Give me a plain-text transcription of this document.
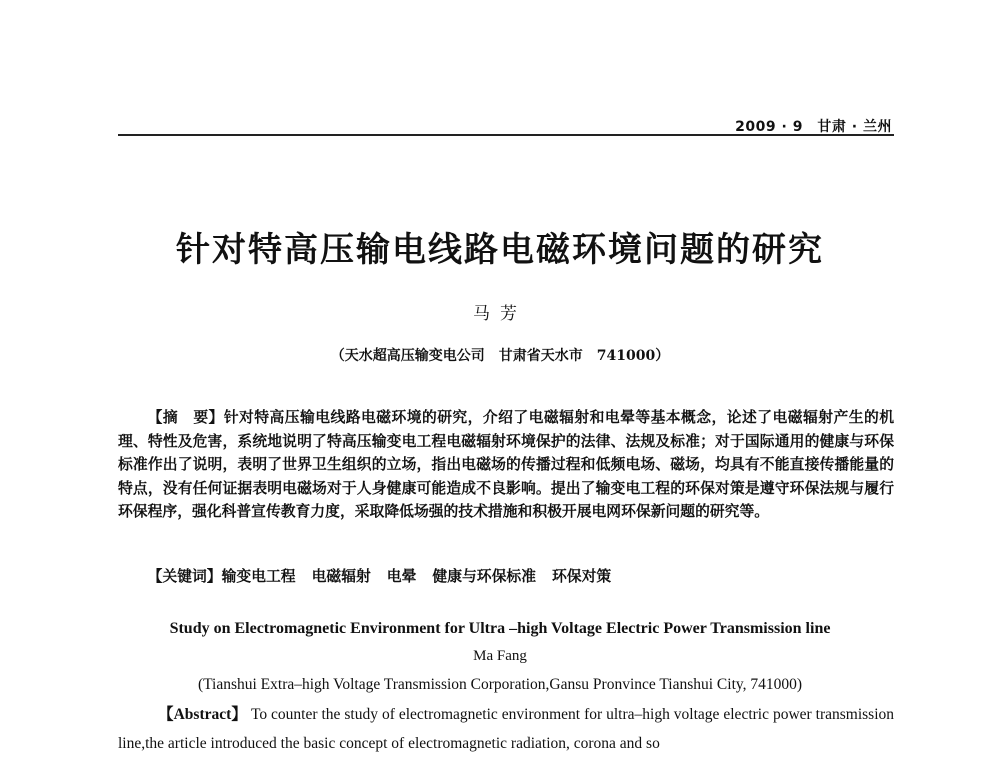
2009 · 9　甘肃 · 兰州
针对特高压输电线路电磁环境问题的研究
马芳
（天水超高压输变电公司　甘肃省天水市　741000）
【摘　要】针对特高压输电线路电磁环境的研究，介绍了电磁辐射和电晕等基本概念，论述了电磁辐射产生的机理、特性及危害，系统地说明了特高压输变电工程电磁辐射环境保护的法律、法规及标准；对于国际通用的健康与环保标准作出了说明，表明了世界卫生组织的立场，指出电磁场的传播过程和低频电场、磁场，均具有不能直接传播能量的特点，没有任何证据表明电磁场对于人身健康可能造成不良影响。提出了输变电工程的环保对策是遵守环保法规与履行环保程序，强化科普宣传教育力度，采取降低场强的技术措施和积极开展电网环保新问题的研究等。
【关键词】输变电工程 电磁辐射 电晕 健康与环保标准 环保对策
Study on Electromagnetic Environment for Ultra –high Voltage Electric Power Transmission line
Ma Fang
(Tianshui Extra–high Voltage Transmission Corporation,Gansu Pronvince Tianshui City, 741000)
【Abstract】 To counter the study of electromagnetic environment for ultra–high voltage electric power transmission line,the article introduced the basic concept of electromagnetic radiation, corona and so
